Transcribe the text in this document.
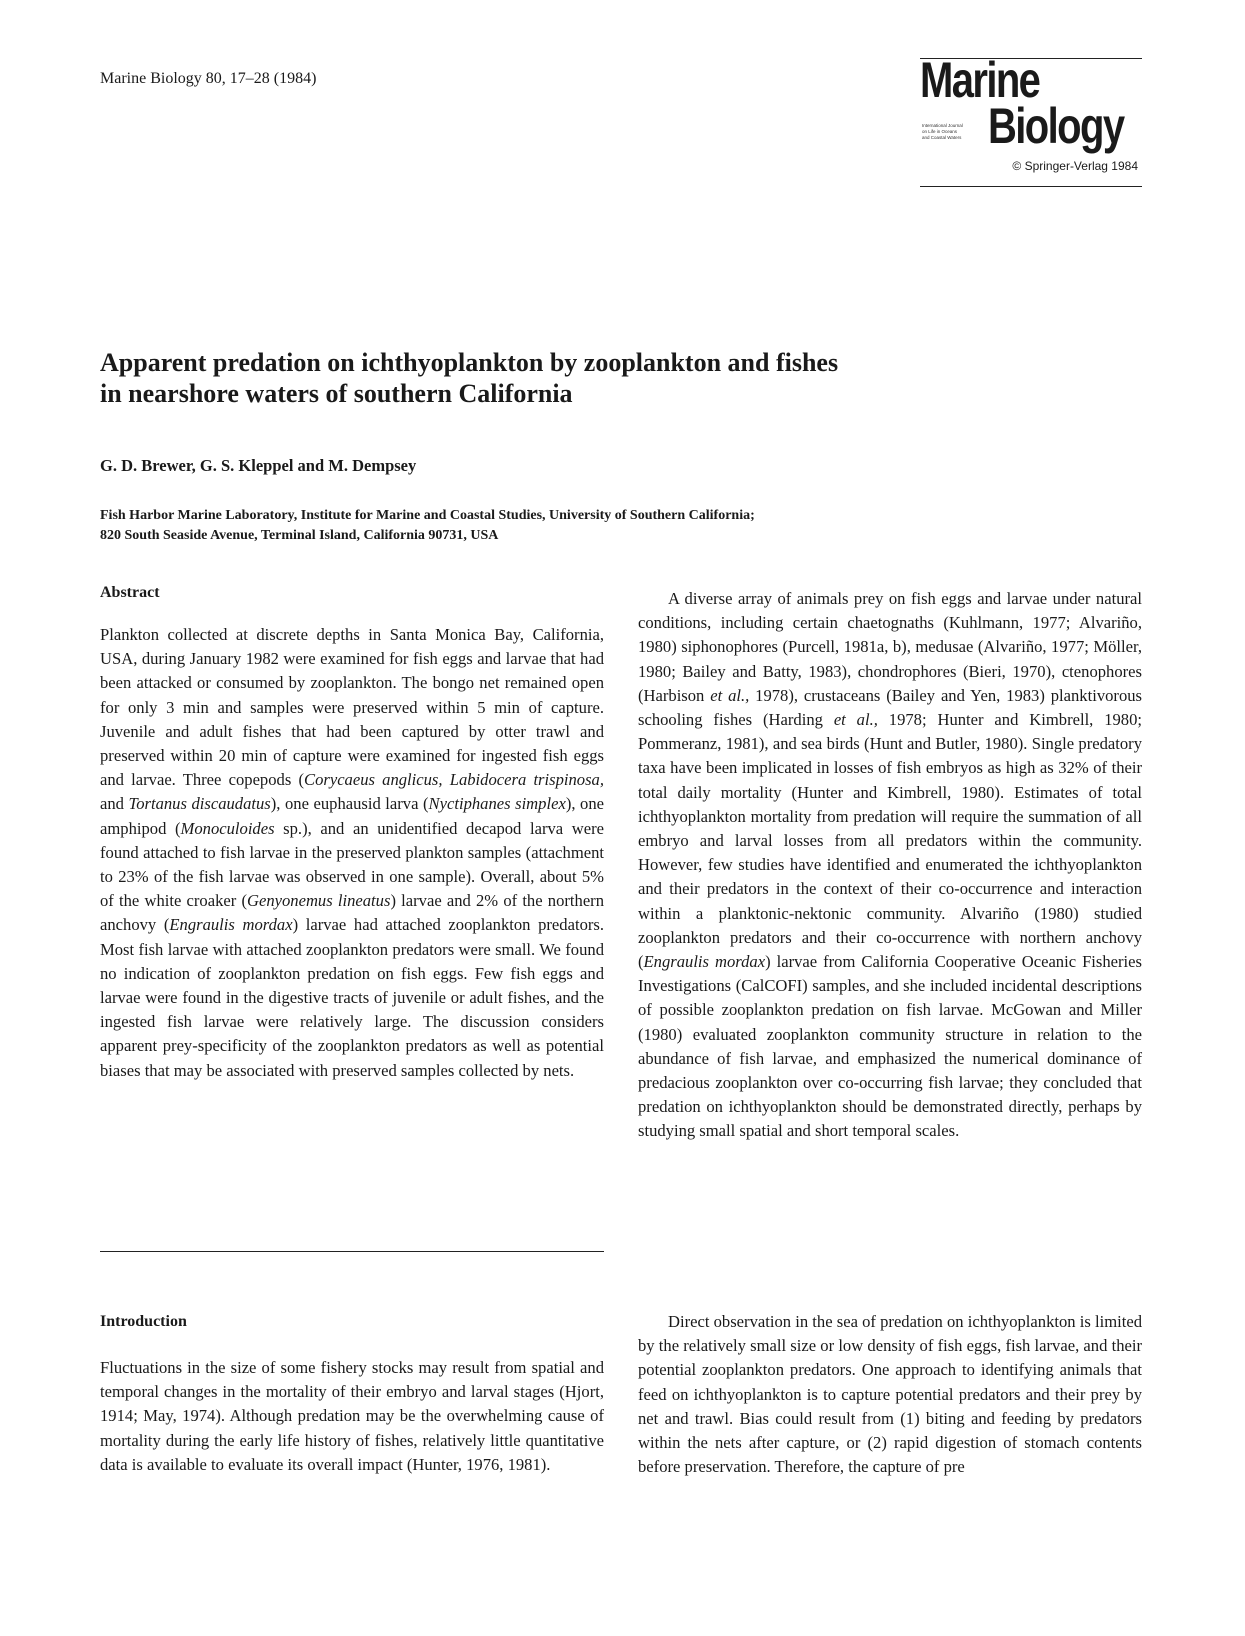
Marine Biology 80, 17–28 (1984)	Marine
Biology
International Journal
on Life in Oceans
and Coastal Waters
© Springer-Verlag 1984
Apparent predation on ichthyoplankton by zooplankton and fishes in nearshore waters of southern California
G. D. Brewer, G. S. Kleppel and M. Dempsey
Fish Harbor Marine Laboratory, Institute for Marine and Coastal Studies, University of Southern California;
820 South Seaside Avenue, Terminal Island, California 90731, USA
Abstract

Plankton collected at discrete depths in Santa Monica Bay, California, USA, during January 1982 were examined for fish eggs and larvae that had been attacked or consumed by zooplankton. The bongo net remained open for only 3 min and samples were preserved within 5 min of capture. Juvenile and adult fishes that had been captured by otter trawl and preserved within 20 min of capture were examined for ingested fish eggs and larvae. Three copepods (Corycaeus anglicus, Labidocera trispinosa, and Tortanus discaudatus), one euphausid larva (Nyctiphanes simplex), one amphipod (Monoculoides sp.), and an unidentified decapod larva were found attached to fish larvae in the preserved plankton samples (attachment to 23% of the fish larvae was observed in one sample). Overall, about 5% of the white croaker (Genyonemus lineatus) larvae and 2% of the northern anchovy (Engraulis mordax) larvae had attached zooplankton predators. Most fish larvae with attached zooplankton predators were small. We found no indication of zooplankton predation on fish eggs. Few fish eggs and larvae were found in the digestive tracts of juvenile or adult fishes, and the ingested fish larvae were relatively large. The discussion considers apparent prey-specificity of the zooplankton predators as well as potential biases that may be associated with preserved samples collected by nets.

Introduction

Fluctuations in the size of some fishery stocks may result from spatial and temporal changes in the mortality of their embryo and larval stages (Hjort, 1914; May, 1974). Although predation may be the overwhelming cause of mortality during the early life history of fishes, relatively little quantitative data is available to evaluate its overall impact (Hunter, 1976, 1981).

A diverse array of animals prey on fish eggs and larvae under natural conditions, including certain chaetognaths (Kuhlmann, 1977; Alvariño, 1980) siphonophores (Purcell, 1981a, b), medusae (Alvariño, 1977; Möller, 1980; Bailey and Batty, 1983), chondrophores (Bieri, 1970), ctenophores (Harbison et al., 1978), crustaceans (Bailey and Yen, 1983) planktivorous schooling fishes (Harding et al., 1978; Hunter and Kimbrell, 1980; Pommeranz, 1981), and sea birds (Hunt and Butler, 1980). Single predatory taxa have been implicated in losses of fish embryos as high as 32% of their total daily mortality (Hunter and Kimbrell, 1980). Estimates of total ichthyoplankton mortality from predation will require the summation of all embryo and larval losses from all predators within the community. However, few studies have identified and enumerated the ichthyoplankton and their predators in the context of their co-occurrence and interaction within a planktonic-nektonic community. Alvariño (1980) studied zooplankton predators and their co-occurrence with northern anchovy (Engraulis mordax) larvae from California Cooperative Oceanic Fisheries Investigations (CalCOFI) samples, and she included incidental descriptions of possible zooplankton predation on fish larvae. McGowan and Miller (1980) evaluated zooplankton community structure in relation to the abundance of fish larvae, and emphasized the numerical dominance of predacious zooplankton over co-occurring fish larvae; they concluded that predation on ichthyoplankton should be demonstrated directly, perhaps by studying small spatial and short temporal scales.

Direct observation in the sea of predation on ichthyoplankton is limited by the relatively small size or low density of fish eggs, fish larvae, and their potential zooplankton predators. One approach to identifying animals that feed on ichthyoplankton is to capture potential predators and their prey by net and trawl. Bias could result from (1) biting and feeding by predators within the nets after capture, or (2) rapid digestion of stomach contents before preservation. Therefore, the capture of pre
